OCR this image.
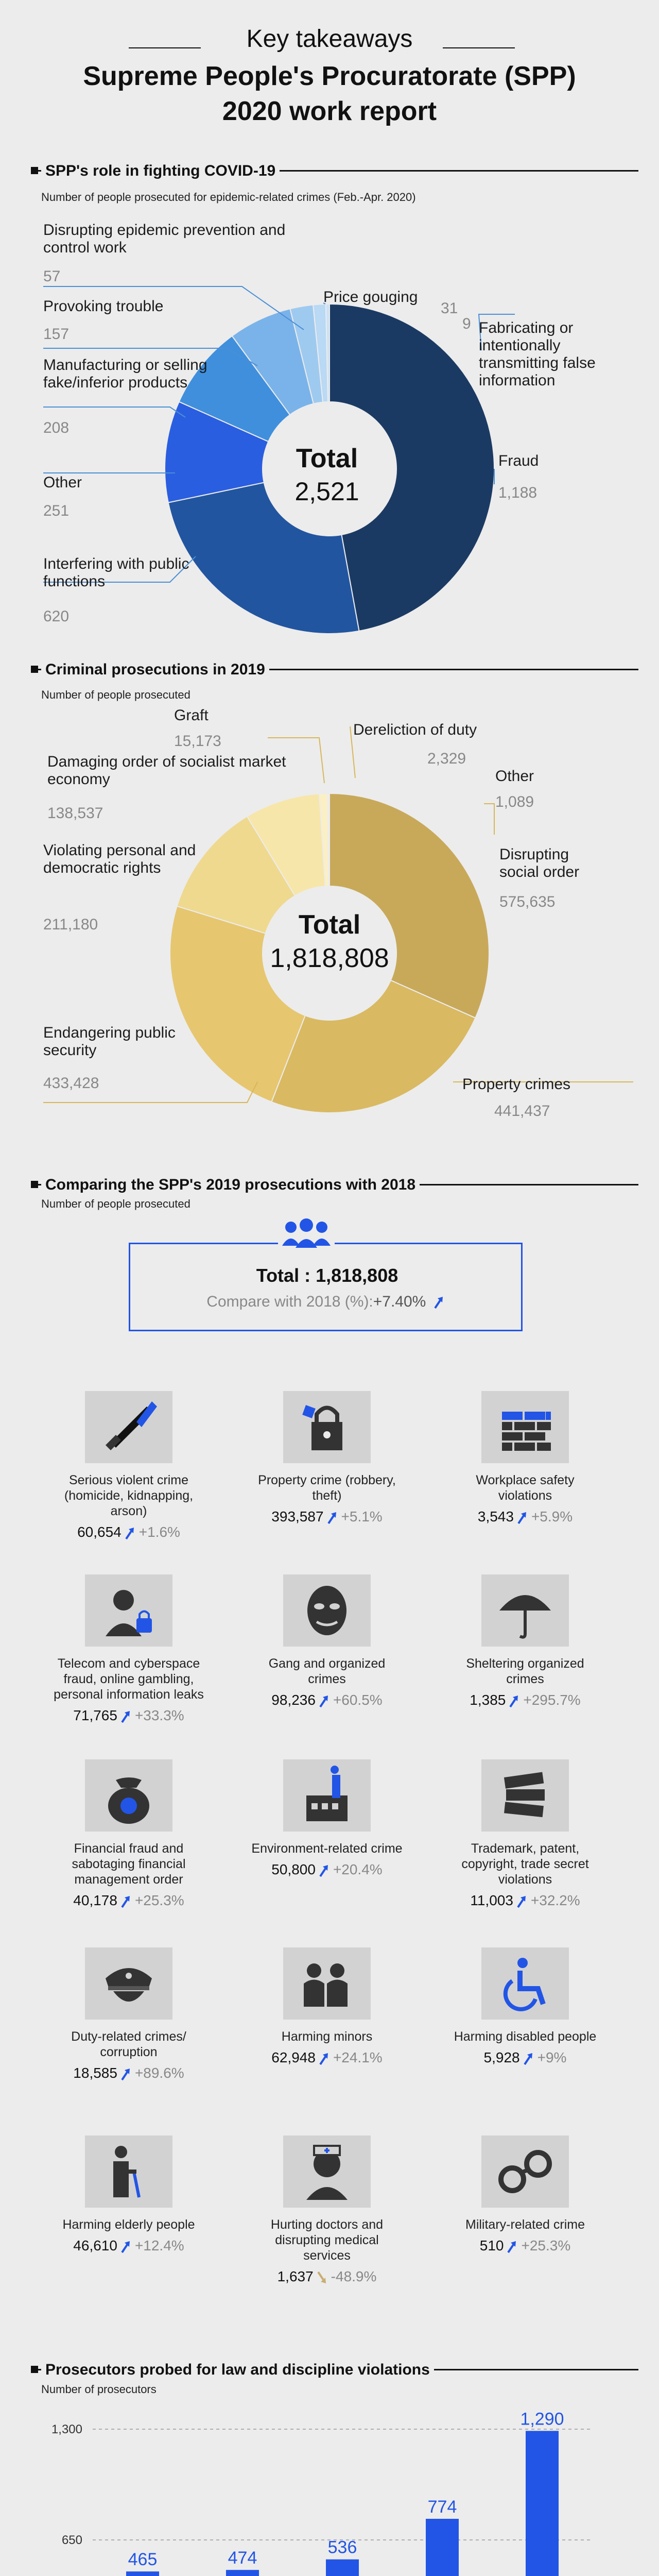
Key takeaways
Supreme People's Procuratorate (SPP)
2020 work report
SPP's role in fighting COVID-19
Number of people prosecuted for epidemic-related crimes (Feb.-Apr. 2020)
Total
2,521
Disrupting epidemic prevention and control work
57
Provoking trouble
157
Manufacturing or selling fake/inferior products
208
Other
251
Interfering with public functions
620
Price gouging
31
9 Fabricating or intentionally transmitting false information
Fraud
1,188
Criminal prosecutions in 2019
Number of people prosecuted
Total
1,818,808
Graft
15,173
Damaging order of socialist market economy
138,537
Violating personal and democratic rights
211,180
Endangering public security
433,428
Dereliction of duty
2,329
Other
1,089
Disrupting social order
575,635
Property crimes
441,437
Comparing the SPP's 2019 prosecutions with 2018
Number of people prosecuted
Total : 1,818,808
Compare with 2018 (%):+7.40%
Serious violent crime (homicide, kidnapping, arson)
60,654 +1.6%
Property crime (robbery, theft)
393,587 +5.1%
Workplace safety violations
3,543 +5.9%
Telecom and cyberspace fraud, online gambling, personal information leaks
71,765 +33.3%
Gang and organized crimes
98,236 +60.5%
Sheltering organized crimes
1,385 +295.7%
Financial fraud and sabotaging financial management order
40,178 +25.3%
Environment-related crime
50,800 +20.4%
Trademark, patent, copyright, trade secret violations
11,003 +32.2%
Duty-related crimes/ corruption
18,585 +89.6%
Harming minors
62,948 +24.1%
Harming disabled people
5,928 +9%
Harming elderly people
46,610 +12.4%
Hurting doctors and disrupting medical services
1,637 -48.9%
Military-related crime
510 +25.3%
Prosecutors probed for law and discipline violations
Number of prosecutors
650
1,300
465	474
536
774
1,290
